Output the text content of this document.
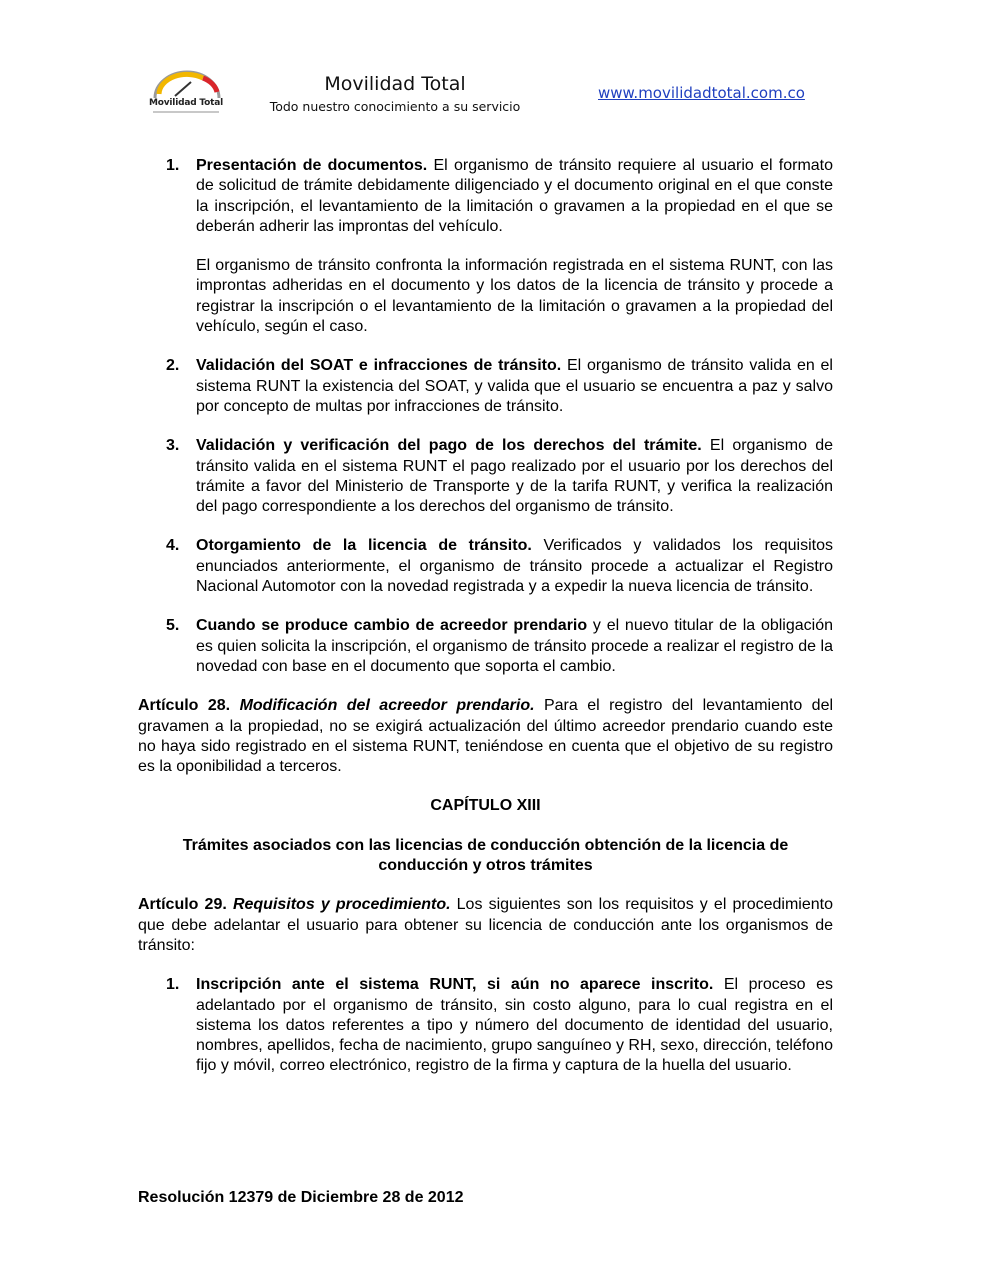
Movilidad Total
Movilidad Total
Todo nuestro conocimiento a su servicio
www.movilidadtotal.com.co
1. Presentación de documentos. El organismo de tránsito requiere al usuario el formato de solicitud de trámite debidamente diligenciado y el documento original en el que conste la inscripción, el levantamiento de la limitación o gravamen a la propiedad en el que se deberán adherir las improntas del vehículo.

El organismo de tránsito confronta la información registrada en el sistema RUNT, con las improntas adheridas en el documento y los datos de la licencia de tránsito y procede a registrar la inscripción o el levantamiento de la limitación o gravamen a la propiedad del vehículo, según el caso.

2. Validación del SOAT e infracciones de tránsito. El organismo de tránsito valida en el sistema RUNT la existencia del SOAT, y valida que el usuario se encuentra a paz y salvo por concepto de multas por infracciones de tránsito.

3. Validación y verificación del pago de los derechos del trámite. El organismo de tránsito valida en el sistema RUNT el pago realizado por el usuario por los derechos del trámite a favor del Ministerio de Transporte y de la tarifa RUNT, y verifica la realización del pago correspondiente a los derechos del organismo de tránsito.

4. Otorgamiento de la licencia de tránsito. Verificados y validados los requisitos enunciados anteriormente, el organismo de tránsito procede a actualizar el Registro Nacional Automotor con la novedad registrada y a expedir la nueva licencia de tránsito.

5. Cuando se produce cambio de acreedor prendario y el nuevo titular de la obligación es quien solicita la inscripción, el organismo de tránsito procede a realizar el registro de la novedad con base en el documento que soporta el cambio.

Artículo 28. Modificación del acreedor prendario. Para el registro del levantamiento del gravamen a la propiedad, no se exigirá actualización del último acreedor prendario cuando este no haya sido registrado en el sistema RUNT, teniéndose en cuenta que el objetivo de su registro es la oponibilidad a terceros.

CAPÍTULO XIII

Trámites asociados con las licencias de conducción obtención de la licencia de conducción y otros trámites

Artículo 29. Requisitos y procedimiento. Los siguientes son los requisitos y el procedimiento que debe adelantar el usuario para obtener su licencia de conducción ante los organismos de tránsito:

1. Inscripción ante el sistema RUNT, si aún no aparece inscrito. El proceso es adelantado por el organismo de tránsito, sin costo alguno, para lo cual registra en el sistema los datos referentes a tipo y número del documento de identidad del usuario, nombres, apellidos, fecha de nacimiento, grupo sanguíneo y RH, sexo, dirección, teléfono fijo y móvil, correo electrónico, registro de la firma y captura de la huella del usuario.

Resolución 12379 de Diciembre 28 de 2012
